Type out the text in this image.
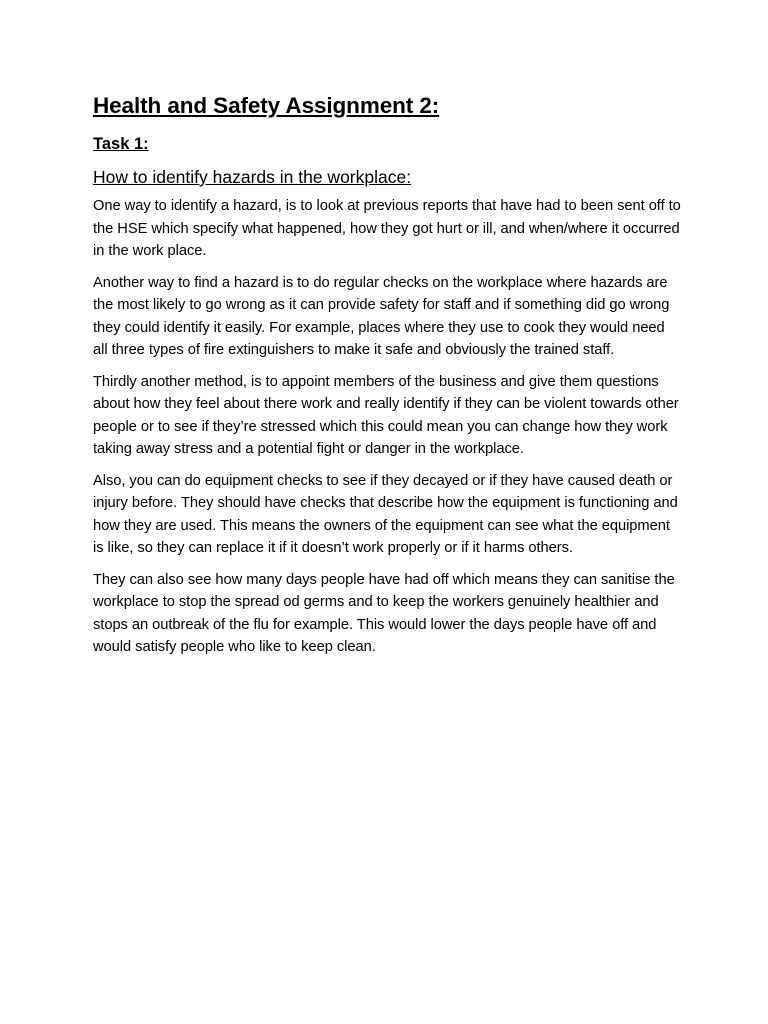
Health and Safety Assignment 2:
Task 1:
How to identify hazards in the workplace:

One way to identify a hazard, is to look at previous reports that have had to been sent off to the HSE which specify what happened, how they got hurt or ill, and when/where it occurred in the work place.

Another way to find a hazard is to do regular checks on the workplace where hazards are the most likely to go wrong as it can provide safety for staff and if something did go wrong they could identify it easily. For example, places where they use to cook they would need all three types of fire extinguishers to make it safe and obviously the trained staff.

Thirdly another method, is to appoint members of the business and give them questions about how they feel about there work and really identify if they can be violent towards other people or to see if they’re stressed which this could mean you can change how they work taking away stress and a potential fight or danger in the workplace.

Also, you can do equipment checks to see if they decayed or if they have caused death or injury before. They should have checks that describe how the equipment is functioning and how they are used. This means the owners of the equipment can see what the equipment is like, so they can replace it if it doesn’t work properly or if it harms others.

They can also see how many days people have had off which means they can sanitise the workplace to stop the spread od germs and to keep the workers genuinely healthier and stops an outbreak of the flu for example. This would lower the days people have off and would satisfy people who like to keep clean.
